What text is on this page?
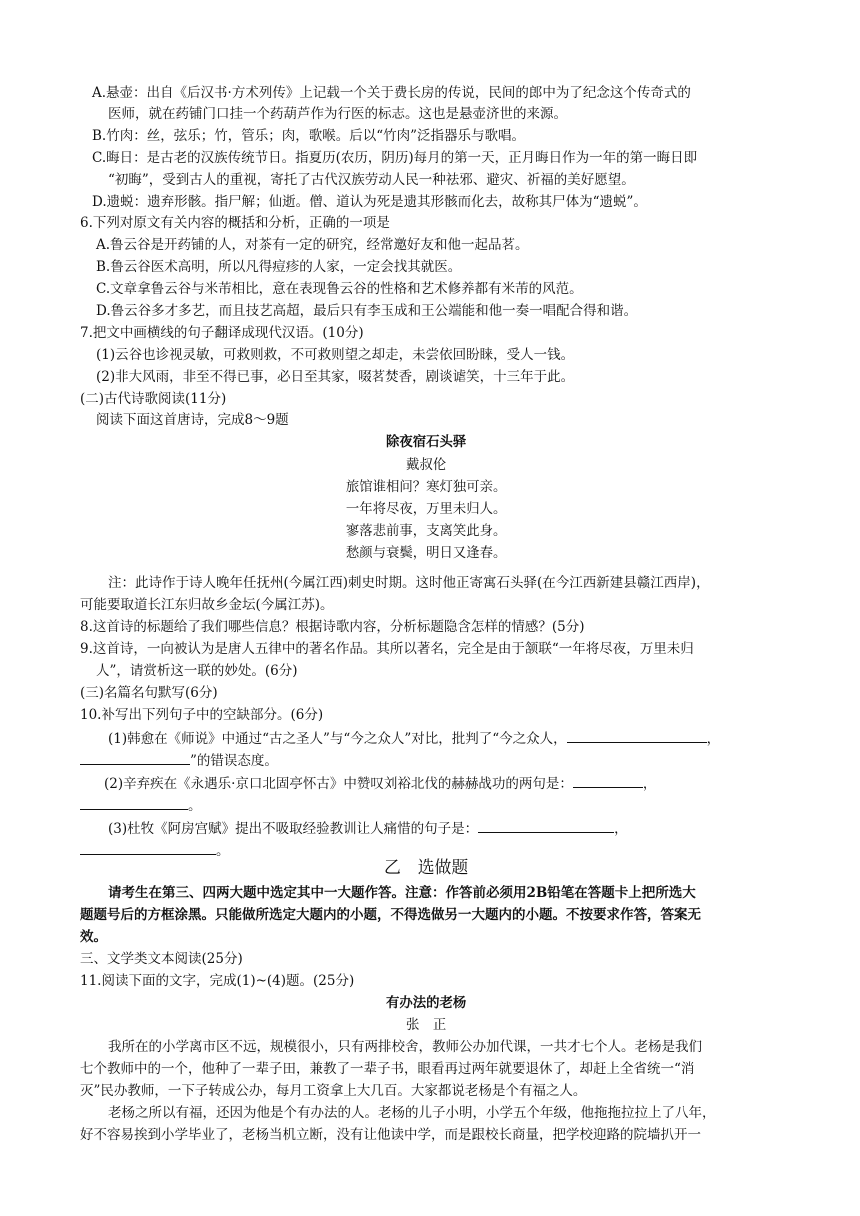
A.悬壶：出自《后汉书·方术列传》上记载一个关于费长房的传说，民间的郎中为了纪念这个传奇式的
医师，就在药铺门口挂一个药葫芦作为行医的标志。这也是悬壶济世的来源。
B.竹肉：丝，弦乐；竹，管乐；肉，歌喉。后以“竹肉”泛指器乐与歌唱。
C.晦日：是古老的汉族传统节日。指夏历(农历，阴历)每月的第一天，正月晦日作为一年的第一晦日即
“初晦”，受到古人的重视，寄托了古代汉族劳动人民一种祛邪、避灾、祈福的美好愿望。
D.遗蜕：遗弃形骸。指尸解；仙逝。僧、道认为死是遗其形骸而化去，故称其尸体为“遗蜕”。
6.下列对原文有关内容的概括和分析，正确的一项是
A.鲁云谷是开药铺的人，对茶有一定的研究，经常邀好友和他一起品茗。
B.鲁云谷医术高明，所以凡得痘疹的人家，一定会找其就医。
C.文章拿鲁云谷与米芾相比，意在表现鲁云谷的性格和艺术修养都有米芾的风范。
D.鲁云谷多才多艺，而且技艺高超，最后只有李玉成和王公端能和他一奏一唱配合得和谐。
7.把文中画横线的句子翻译成现代汉语。(10分)
(1)云谷也诊视灵敏，可救则救，不可救则望之却走，未尝依回盼睐，受人一钱。
(2)非大风雨，非至不得已事，必日至其家，啜茗焚香，剧谈谑笑，十三年于此。
(二)古代诗歌阅读(11分)
阅读下面这首唐诗，完成8～9题
除夜宿石头驿
戴叔伦
旅馆谁相问？寒灯独可亲。
一年将尽夜，万里未归人。
寥落悲前事，支离笑此身。
愁颜与衰鬓，明日又逢春。
注：此诗作于诗人晚年任抚州(今属江西)刺史时期。这时他正寄寓石头驿(在今江西新建县赣江西岸)，
可能要取道长江东归故乡金坛(今属江苏)。
8.这首诗的标题给了我们哪些信息？根据诗歌内容，分析标题隐含怎样的情感？(5分)
9.这首诗，一向被认为是唐人五律中的著名作品。其所以著名，完全是由于颔联“一年将尽夜，万里未归
人”，请赏析这一联的妙处。(6分)
(三)名篇名句默写(6分)
10.补写出下列句子中的空缺部分。(6分)
(1)韩愈在《师说》中通过“古之圣人”与“今之众人”对比，批判了“今之众人，	，
”的错误态度。
(2)辛弃疾在《永遇乐·京口北固亭怀古》中赞叹刘裕北伐的赫赫战功的两句是：	，
。
(3)杜牧《阿房宫赋》提出不吸取经验教训让人痛惜的句子是：	，
。
乙　选做题
请考生在第三、四两大题中选定其中一大题作答。注意：作答前必须用2B铅笔在答题卡上把所选大
题题号后的方框涂黑。只能做所选定大题内的小题，不得选做另一大题内的小题。不按要求作答，答案无
效。
三、文学类文本阅读(25分)
11.阅读下面的文字，完成(1)~(4)题。(25分)
有办法的老杨
张　正
我所在的小学离市区不远，规模很小，只有两排校舍，教师公办加代课，一共才七个人。老杨是我们
七个教师中的一个，他种了一辈子田，兼教了一辈子书，眼看再过两年就要退休了，却赶上全省统一“消
灭”民办教师，一下子转成公办，每月工资拿上大几百。大家都说老杨是个有福之人。
老杨之所以有福，还因为他是个有办法的人。老杨的儿子小明，小学五个年级，他拖拖拉拉上了八年，
好不容易挨到小学毕业了，老杨当机立断，没有让他读中学，而是跟校长商量，把学校迎路的院墙扒开一
